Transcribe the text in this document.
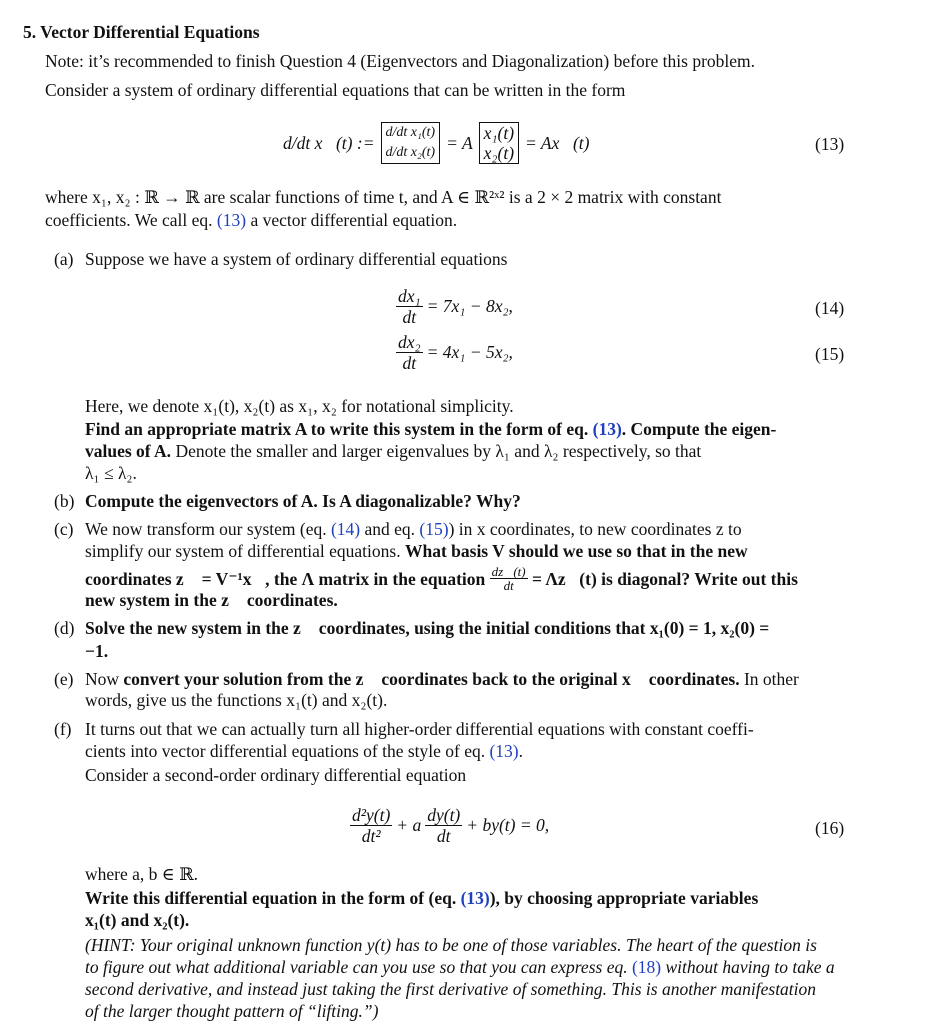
5. Vector Differential Equations
Note: it’s recommended to finish Question 4 (Eigenvectors and Diagonalization) before this problem.
Consider a system of ordinary differential equations that can be written in the form
d/dt x⃗(t) := d/dt x₁(t)
d/dt x₂(t) = A x₁(t)
x₂(t)
= Ax⃗(t)	(13)
where x₁, x₂ : ℝ → ℝ are scalar functions of time t, and A ∈ ℝ²ˣ² is a 2 × 2 matrix with constant
coefficients. We call eq. (13) a vector differential equation.
(a) Suppose we have a system of ordinary differential equations
$\frac{\text{dx₁}}{dt} = 7x_1 - 8x_2$,	(14)
$\frac{\text{dx₂}}{dt} = 4x_1 - 5x_2$,	(15)
Here, we denote x₁(t), x₂(t) as x₁, x₂ for notational simplicity.
Find an appropriate matrix A to write this system in the form of eq. (13). Compute the eigen-
values of A. Denote the smaller and larger eigenvalues by λ₁ and λ₂ respectively, so that
λ₁ ≤ λ₂.
(b) Compute the eigenvectors of A. Is A diagonalizable? Why?
(c) We now transform our system (eq. (14) and eq. (15)) in x coordinates, to new coordinates z to
simplify our system of differential equations. What basis V should we use so that in the new
coordinates z⃗ = V⁻¹x⃗, the Λ matrix in the equation $\frac{dz⃗(t)}{dt}$ = Λz⃗(t) is diagonal? Write out this
new system in the z⃗ coordinates.
(d) Solve the new system in the z⃗ coordinates, using the initial conditions that x₁(0) = 1, x₂(0) =
−1.
(e) Now convert your solution from the z⃗ coordinates back to the original x⃗ coordinates. In other
words, give us the functions x₁(t) and x₂(t).
(f) It turns out that we can actually turn all higher-order differential equations with constant coeffi-
cients into vector differential equations of the style of eq. (13).
Consider a second-order ordinary differential equation
$\frac{\text{d²y(t)}}{\text{dt²}} + a \frac{dy(t)}{dt} + by(t) = 0$,	(16)
where a, b ∈ ℝ.
Write this differential equation in the form of (eq. (13)), by choosing appropriate variables
x₁(t) and x₂(t).
(HINT: Your original unknown function y(t) has to be one of those variables. The heart of the question is
to figure out what additional variable can you use so that you can express eq. (18) without having to take a
second derivative, and instead just taking the first derivative of something. This is another manifestation
of the larger thought pattern of “lifting.”)
